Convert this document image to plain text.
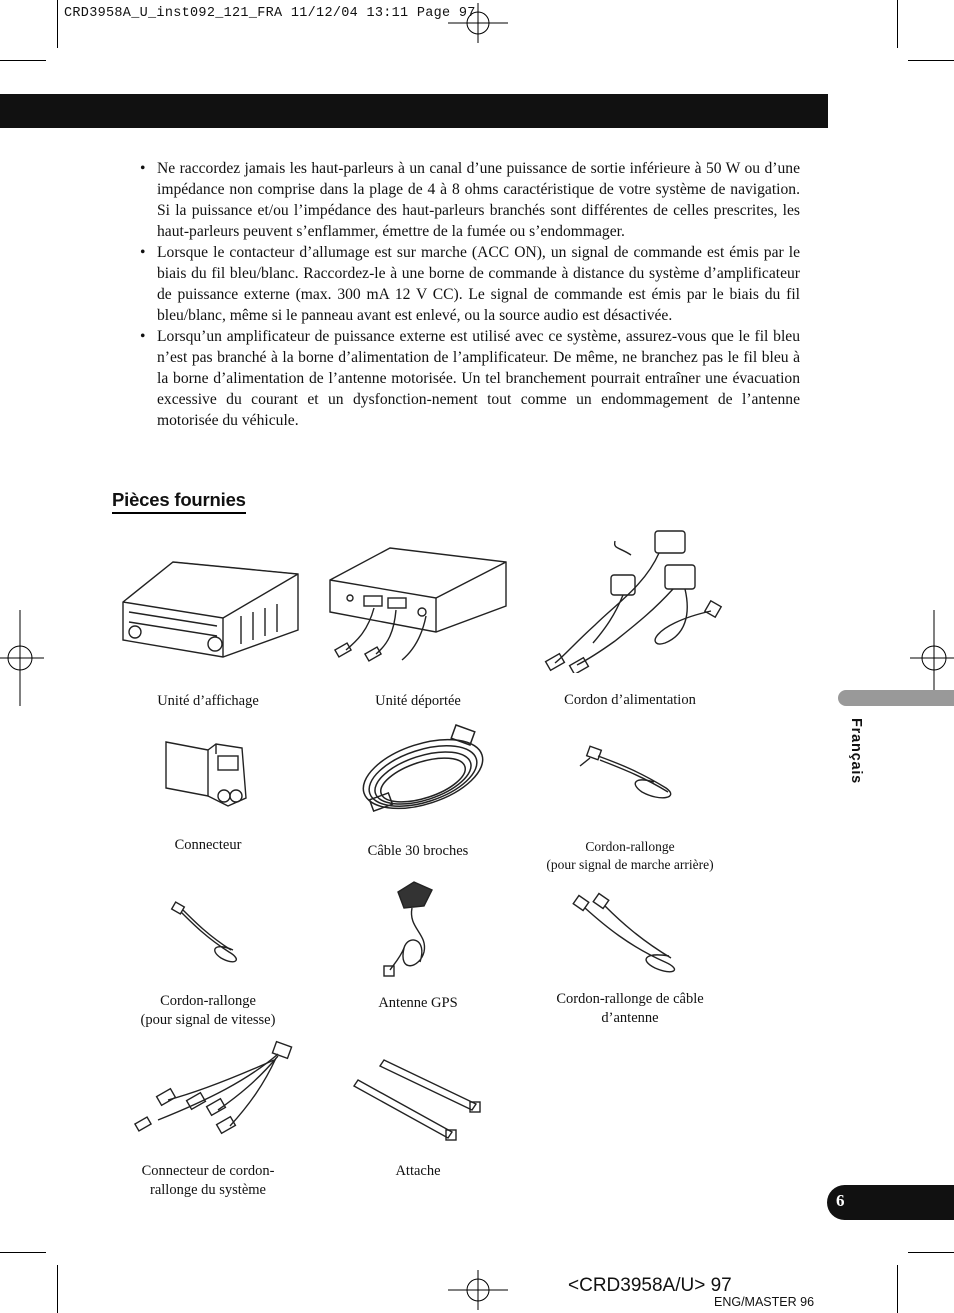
CRD3958A_U_inst092_121_FRA 11/12/04 13:11 Page 97
• Ne raccordez jamais les haut-parleurs à un canal d’une puissance de sortie inférieure à 50 W ou d’une impédance non comprise dans la plage de 4 à 8 ohms caractéristique de votre système de navigation. Si la puissance et/ou l’impédance des haut-parleurs branchés sont différentes de celles prescrites, les haut-parleurs peuvent s’enflammer, émettre de la fumée ou s’endommager.
• Lorsque le contacteur d’allumage est sur marche (ACC ON), un signal de commande est émis par le biais du fil bleu/blanc. Raccordez-le à une borne de commande à distance du système d’amplificateur de puissance externe (max. 300 mA 12 V CC). Le signal de commande est émis par le biais du fil bleu/blanc, même si le panneau avant est enlevé, ou la source audio est désactivée.
• Lorsqu’un amplificateur de puissance externe est utilisé avec ce système, assurez-vous que le fil bleu n’est pas branché à la borne d’alimentation de l’amplificateur. De même, ne branchez pas le fil bleu à la borne d’alimentation de l’antenne motorisée. Un tel branchement pourrait entraîner une évacuation excessive du courant et un dysfonction-nement tout comme un endommagement de l’antenne motorisée du véhicule.
Pièces fournies
Unité d’affichage	Unité déportée	Cordon d’alimentation
Connecteur	Câble 30 broches	Cordon-rallonge
(pour signal de marche arrière)
Cordon-rallonge
(pour signal de vitesse)
Antenne GPS	Cordon-rallonge de câble
d’antenne
Connecteur de cordon-
rallonge du système
Attache
Français
6
<CRD3958A/U> 97
ENG/MASTER 96
